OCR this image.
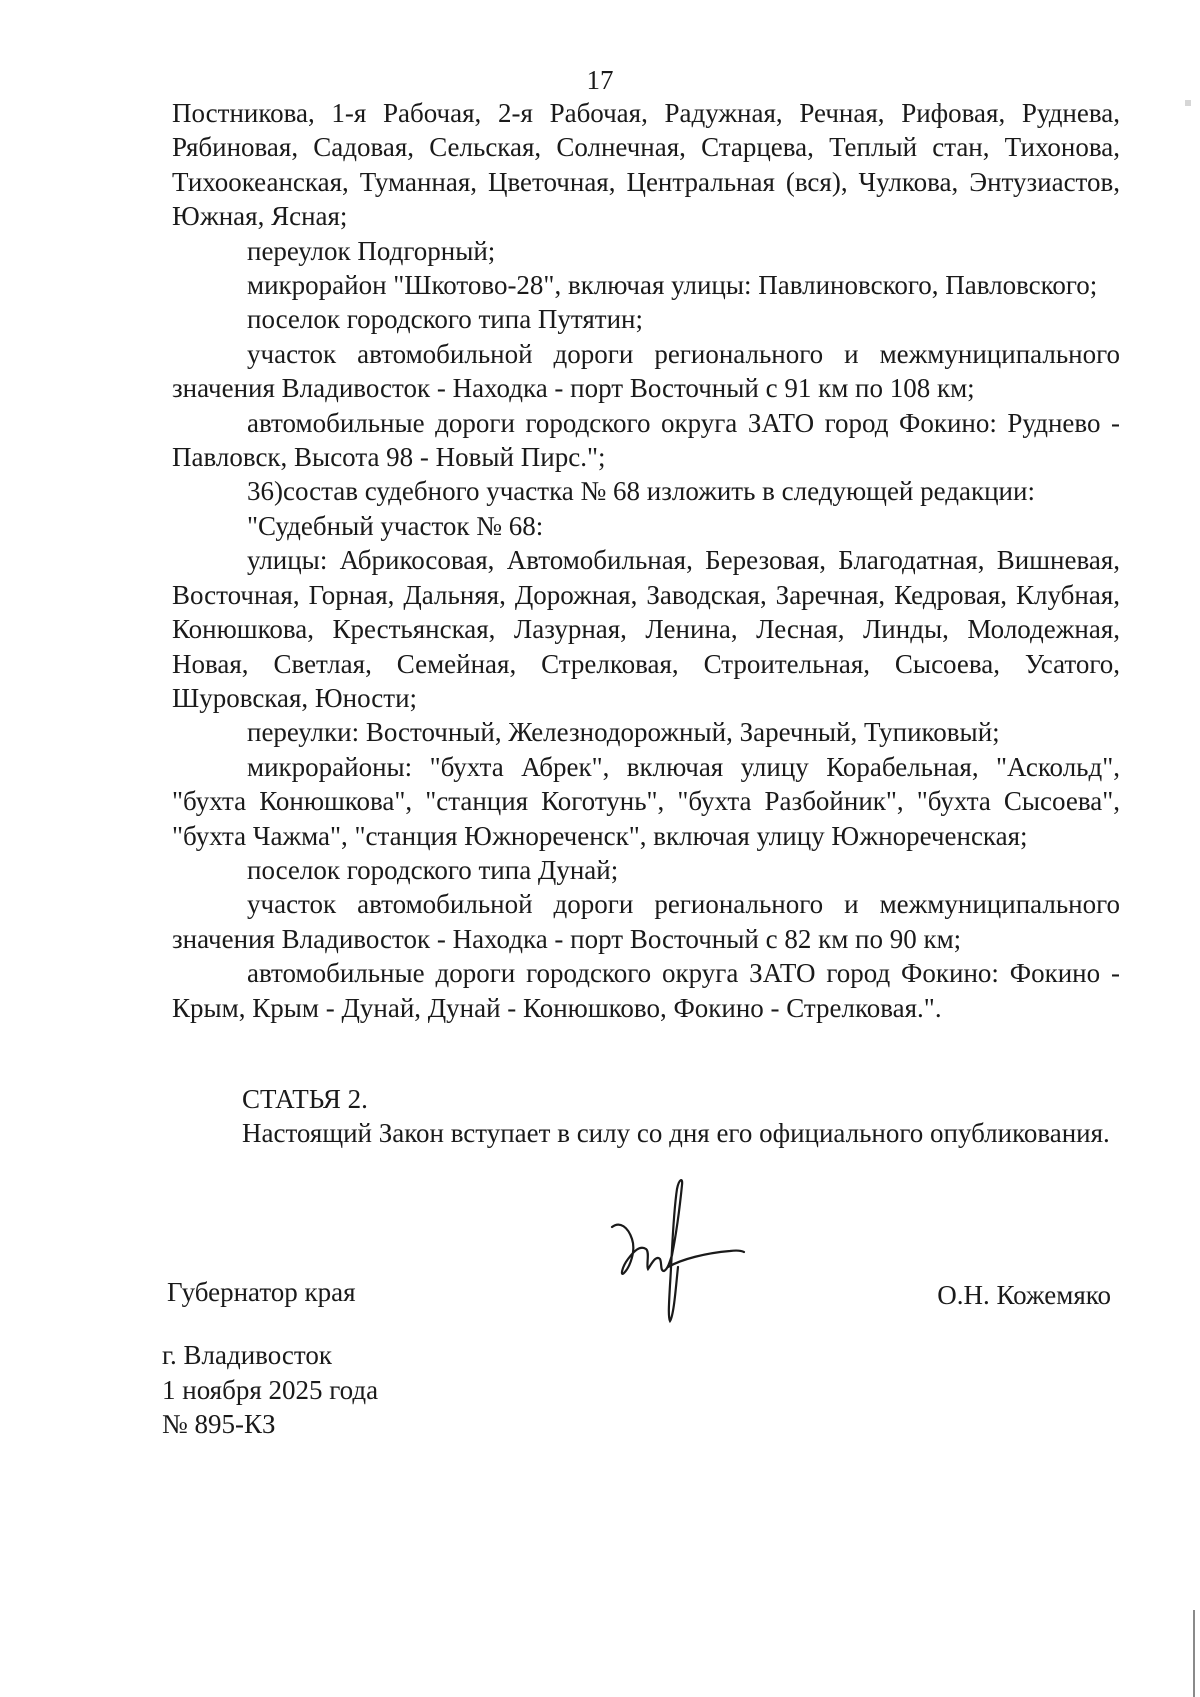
17

Постникова, 1-я Рабочая, 2-я Рабочая, Радужная, Речная, Рифовая, Руднева, Рябиновая, Садовая, Сельская, Солнечная, Старцева, Теплый стан, Тихонова, Тихоокеанская, Туманная, Цветочная, Центральная (вся), Чулкова, Энтузиастов, Южная, Ясная;

переулок Подгорный;

микрорайон "Шкотово-28", включая улицы: Павлиновского, Павловского;

поселок городского типа Путятин;

участок автомобильной дороги регионального и межмуниципального значения Владивосток - Находка - порт Восточный с 91 км по 108 км;

автомобильные дороги городского округа ЗАТО город Фокино: Руднево - Павловск, Высота 98 - Новый Пирс.";

36)состав судебного участка № 68 изложить в следующей редакции:

"Судебный участок № 68:

улицы: Абрикосовая, Автомобильная, Березовая, Благодатная, Вишневая, Восточная, Горная, Дальняя, Дорожная, Заводская, Заречная, Кедровая, Клубная, Конюшкова, Крестьянская, Лазурная, Ленина, Лесная, Линды, Молодежная, Новая, Светлая, Семейная, Стрелковая, Строительная, Сысоева, Усатого, Шуровская, Юности;

переулки: Восточный, Железнодорожный, Заречный, Тупиковый;

микрорайоны: "бухта Абрек", включая улицу Корабельная, "Аскольд", "бухта Конюшкова", "станция Коготунь", "бухта Разбойник", "бухта Сысоева", "бухта Чажма", "станция Южнореченск", включая улицу Южнореченская;

поселок городского типа Дунай;

участок автомобильной дороги регионального и межмуниципального значения Владивосток - Находка - порт Восточный с 82 км по 90 км;

автомобильные дороги городского округа ЗАТО город Фокино: Фокино - Крым, Крым - Дунай, Дунай - Конюшково, Фокино - Стрелковая.".

СТАТЬЯ 2.

Настоящий Закон вступает в силу со дня его официального опубликования.

Губернатор края	О.Н. Кожемяко
г. Владивосток
1 ноября 2025 года
№ 895-КЗ
